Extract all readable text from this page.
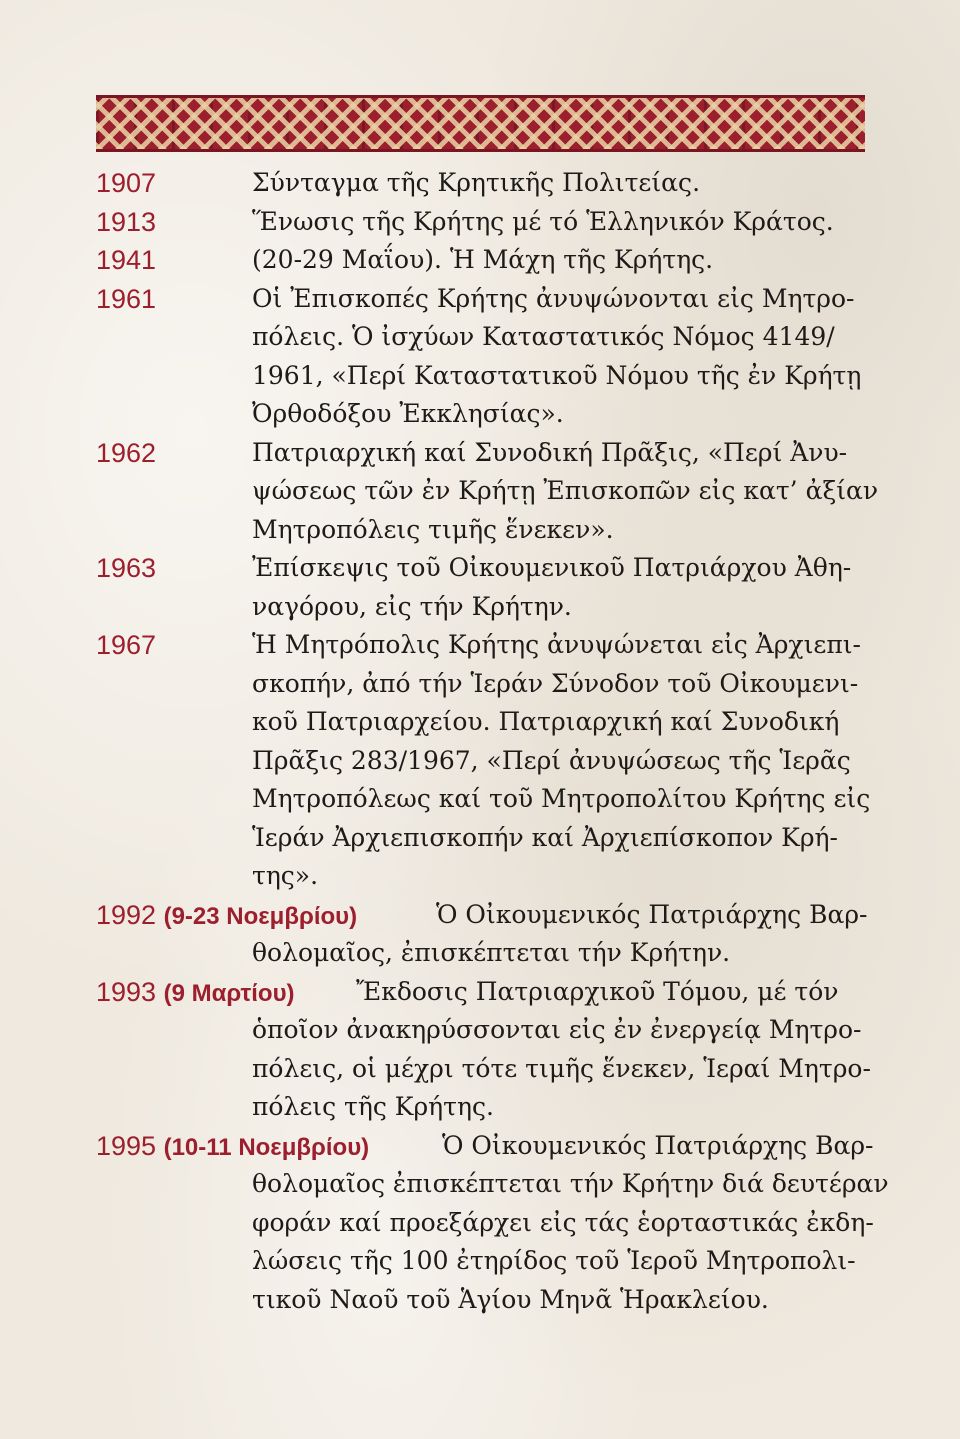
1907	Σύνταγμα τῆς Κρητικῆς Πολιτείας.
1913	Ἕνωσις τῆς Κρήτης μέ τό Ἑλληνικόν Κράτος.
1941	(20-29 Μαΐου). Ἡ Μάχη τῆς Κρήτης.
1961	Οἱ Ἐπισκοπές Κρήτης ἀνυψώνονται εἰς Μητρο-
πόλεις. Ὁ ἰσχύων Καταστατικός Νόμος 4149/
1961, «Περί Καταστατικοῦ Νόμου τῆς ἐν Κρήτῃ
Ὀρθοδόξου Ἐκκλησίας».
1962	Πατριαρχική καί Συνοδική Πρᾶξις, «Περί Ἀνυ-
ψώσεως τῶν ἐν Κρήτῃ Ἐπισκοπῶν εἰς κατ’ ἀξίαν
Μητροπόλεις τιμῆς ἕνεκεν».
1963	Ἐπίσκεψις τοῦ Οἰκουμενικοῦ Πατριάρχου Ἀθη-
ναγόρου, εἰς τήν Κρήτην.
1967	Ἡ Μητρόπολις Κρήτης ἀνυψώνεται εἰς Ἀρχιεπι-
σκοπήν, ἀπό τήν Ἱεράν Σύνοδον τοῦ Οἰκουμενι-
κοῦ Πατριαρχείου. Πατριαρχική καί Συνοδική
Πρᾶξις 283/1967, «Περί ἀνυψώσεως τῆς Ἱερᾶς
Μητροπόλεως καί τοῦ Μητροπολίτου Κρήτης εἰς
Ἱεράν Ἀρχιεπισκοπήν καί Ἀρχιεπίσκοπον Κρή-
της».
1992 (9-23 Νοεμβρίου)	Ὁ Οἰκουμενικός Πατριάρχης Βαρ-
θολομαῖος, ἐπισκέπτεται τήν Κρήτην.
1993 (9 Μαρτίου)	Ἔκδοσις Πατριαρχικοῦ Τόμου, μέ τόν
ὁποῖον ἀνακηρύσσονται εἰς ἐν ἐνεργείᾳ Μητρο-
πόλεις, οἱ μέχρι τότε τιμῆς ἕνεκεν, Ἱεραί Μητρο-
πόλεις τῆς Κρήτης.
1995 (10-11 Νοεμβρίου)	Ὁ Οἰκουμενικός Πατριάρχης Βαρ-
θολομαῖος ἐπισκέπτεται τήν Κρήτην διά δευτέραν
φοράν καί προεξάρχει εἰς τάς ἑορταστικάς ἐκδη-
λώσεις τῆς 100 ἐτηρίδος τοῦ Ἱεροῦ Μητροπολι-
τικοῦ Ναοῦ τοῦ Ἁγίου Μηνᾶ Ἡρακλείου.
